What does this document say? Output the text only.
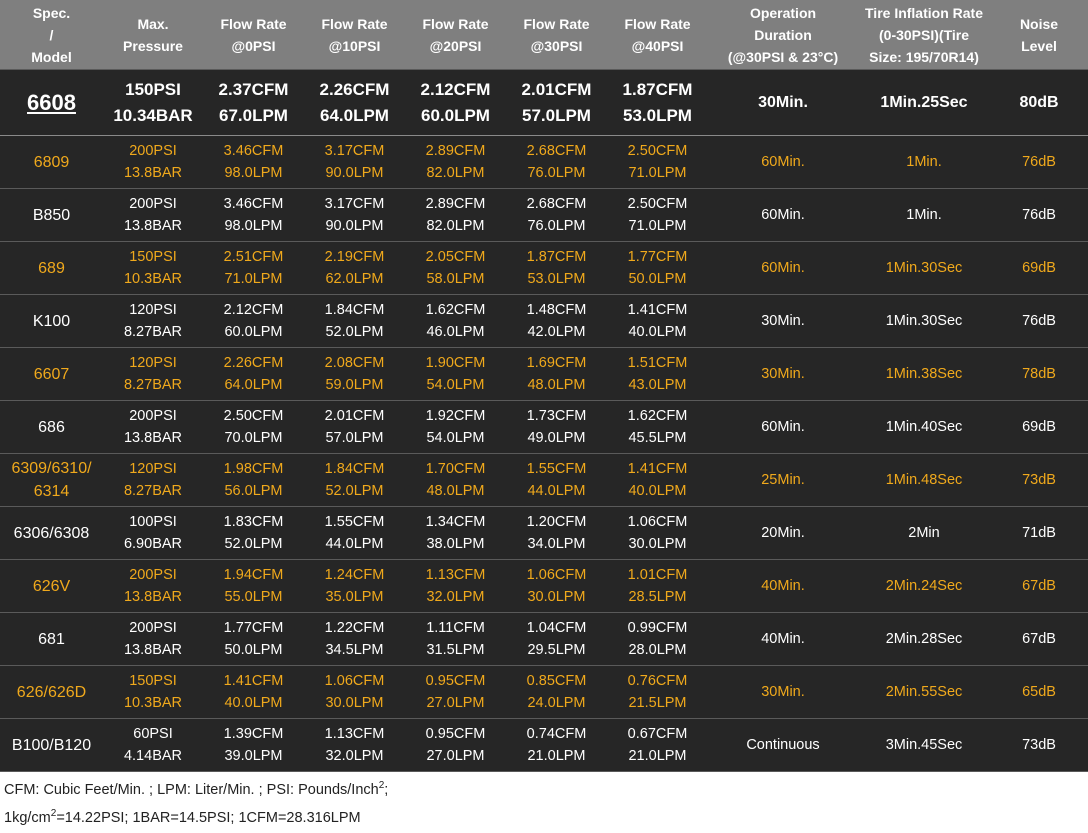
Spec.
/
Model	Max.
Pressure	Flow Rate
@0PSI	Flow Rate
@10PSI	Flow Rate
@20PSI	Flow Rate
@30PSI	Flow Rate
@40PSI	Operation
Duration
(@30PSI & 23°C)	Tire Inflation Rate
(0-30PSI)(Tire
Size: 195/70R14)	Noise
Level

6608	150PSI
10.34BAR	2.37CFM
67.0LPM	2.26CFM
64.0LPM	2.12CFM
60.0LPM	2.01CFM
57.0LPM	1.87CFM
53.0LPM	30Min.	1Min.25Sec	80dB

6809	200PSI
13.8BAR	3.46CFM
98.0LPM	3.17CFM
90.0LPM	2.89CFM
82.0LPM	2.68CFM
76.0LPM	2.50CFM
71.0LPM	60Min.	1Min.	76dB

B850	200PSI
13.8BAR	3.46CFM
98.0LPM	3.17CFM
90.0LPM	2.89CFM
82.0LPM	2.68CFM
76.0LPM	2.50CFM
71.0LPM	60Min.	1Min.	76dB

689	150PSI
10.3BAR	2.51CFM
71.0LPM	2.19CFM
62.0LPM	2.05CFM
58.0LPM	1.87CFM
53.0LPM	1.77CFM
50.0LPM	60Min.	1Min.30Sec	69dB

K100	120PSI
8.27BAR	2.12CFM
60.0LPM	1.84CFM
52.0LPM	1.62CFM
46.0LPM	1.48CFM
42.0LPM	1.41CFM
40.0LPM	30Min.	1Min.30Sec	76dB

6607	120PSI
8.27BAR	2.26CFM
64.0LPM	2.08CFM
59.0LPM	1.90CFM
54.0LPM	1.69CFM
48.0LPM	1.51CFM
43.0LPM	30Min.	1Min.38Sec	78dB

686	200PSI
13.8BAR	2.50CFM
70.0LPM	2.01CFM
57.0LPM	1.92CFM
54.0LPM	1.73CFM
49.0LPM	1.62CFM
45.5LPM	60Min.	1Min.40Sec	69dB

6309/6310/
6314	120PSI
8.27BAR	1.98CFM
56.0LPM	1.84CFM
52.0LPM	1.70CFM
48.0LPM	1.55CFM
44.0LPM	1.41CFM
40.0LPM	25Min.	1Min.48Sec	73dB

6306/6308	100PSI
6.90BAR	1.83CFM
52.0LPM	1.55CFM
44.0LPM	1.34CFM
38.0LPM	1.20CFM
34.0LPM	1.06CFM
30.0LPM	20Min.	2Min	71dB

626V	200PSI
13.8BAR	1.94CFM
55.0LPM	1.24CFM
35.0LPM	1.13CFM
32.0LPM	1.06CFM
30.0LPM	1.01CFM
28.5LPM	40Min.	2Min.24Sec	67dB

681	200PSI
13.8BAR	1.77CFM
50.0LPM	1.22CFM
34.5LPM	1.11CFM
31.5LPM	1.04CFM
29.5LPM	0.99CFM
28.0LPM	40Min.	2Min.28Sec	67dB

626/626D	150PSI
10.3BAR	1.41CFM
40.0LPM	1.06CFM
30.0LPM	0.95CFM
27.0LPM	0.85CFM
24.0LPM	0.76CFM
21.5LPM	30Min.	2Min.55Sec	65dB

B100/B120	60PSI
4.14BAR	1.39CFM
39.0LPM	1.13CFM
32.0LPM	0.95CFM
27.0LPM	0.74CFM
21.0LPM	0.67CFM
21.0LPM	Continuous	3Min.45Sec	73dB
CFM: Cubic Feet/Min. ; LPM: Liter/Min. ; PSI: Pounds/Inch$^2$;
$1kg/cm^2=14.22PSI$; 1BAR=14.5PSI; 1CFM=28.316LPM
